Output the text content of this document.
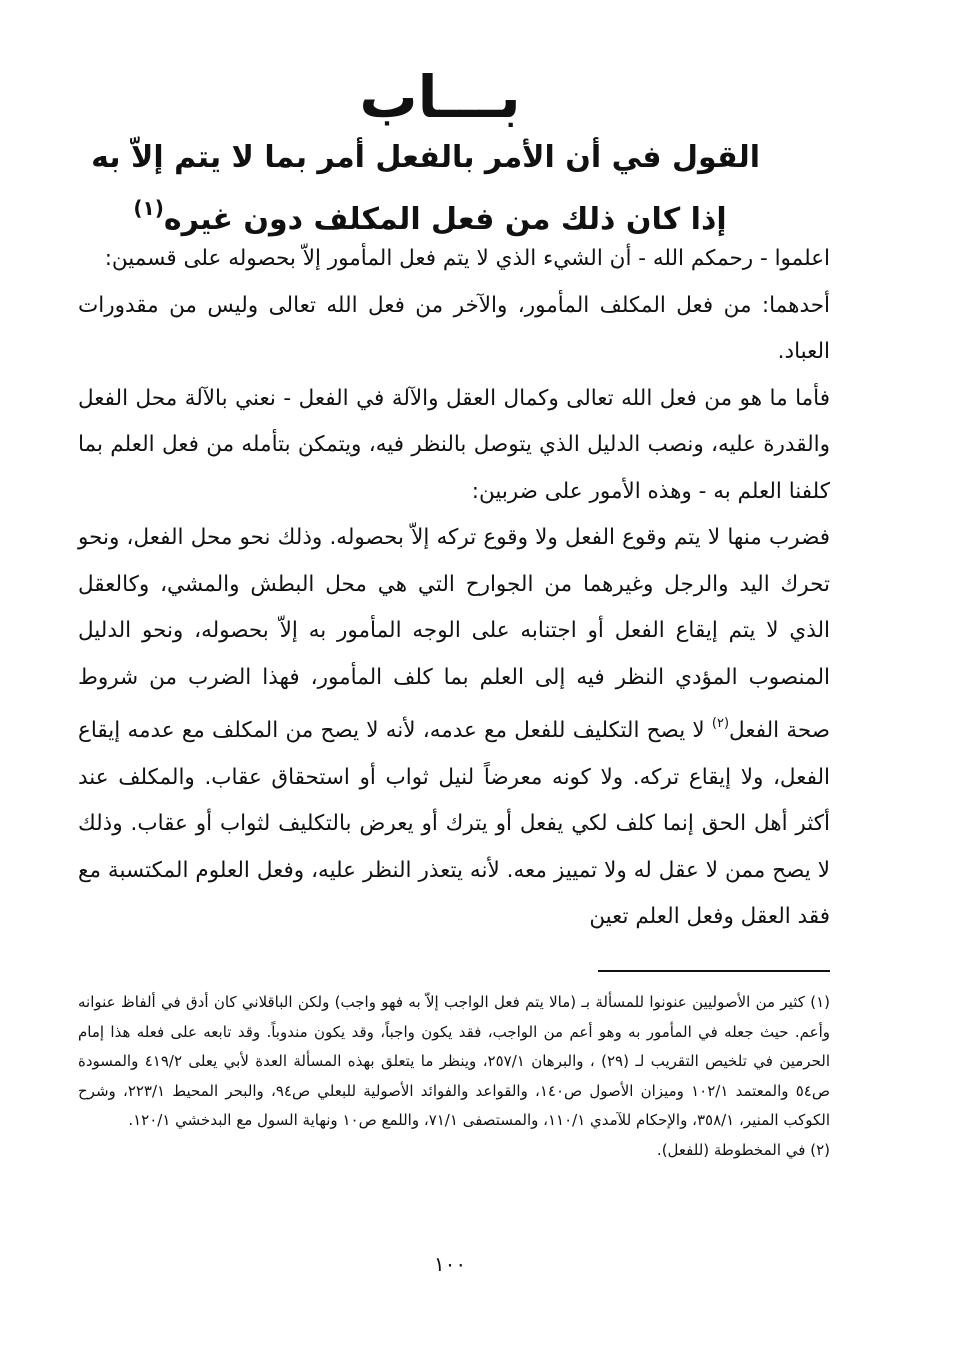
بـــاب
القول في أن الأمر بالفعل أمر بما لا يتم إلاّ به
إذا كان ذلك من فعل المكلف دون غيره$^{(١)}$

اعلموا - رحمكم الله - أن الشيء الذي لا يتم فعل المأمور إلاّ بحصوله على قسمين:

أحدهما: من فعل المكلف المأمور، والآخر من فعل الله تعالى وليس من مقدورات العباد.

فأما ما هو من فعل الله تعالى وكمال العقل والآلة في الفعل - نعني بالآلة محل الفعل والقدرة عليه، ونصب الدليل الذي يتوصل بالنظر فيه، ويتمكن بتأمله من فعل العلم بما كلفنا العلم به - وهذه الأمور على ضربين:

فضرب منها لا يتم وقوع الفعل ولا وقوع تركه إلاّ بحصوله. وذلك نحو محل الفعل، ونحو تحرك اليد والرجل وغيرهما من الجوارح التي هي محل البطش والمشي، وكالعقل الذي لا يتم إيقاع الفعل أو اجتنابه على الوجه المأمور به إلاّ بحصوله، ونحو الدليل المنصوب المؤدي النظر فيه إلى العلم بما كلف المأمور، فهذا الضرب من شروط صحة الفعل$^{(٢)}$ لا يصح التكليف للفعل مع عدمه، لأنه لا يصح من المكلف مع عدمه إيقاع الفعل، ولا إيقاع تركه. ولا كونه معرضاً لنيل ثواب أو استحقاق عقاب. والمكلف عند أكثر أهل الحق إنما كلف لكي يفعل أو يترك أو يعرض بالتكليف لثواب أو عقاب. وذلك لا يصح ممن لا عقل له ولا تمييز معه. لأنه يتعذر النظر عليه، وفعل العلوم المكتسبة مع فقد العقل وفعل العلم تعين

(١) كثير من الأصوليين عنونوا للمسألة بـ (مالا يتم فعل الواجب إلاّ به فهو واجب) ولكن الباقلاني كان أدق في ألفاظ عنوانه وأعم. حيث جعله في المأمور به وهو أعم من الواجب، فقد يكون واجباً، وقد يكون مندوباً. وقد تابعه على فعله هذا إمام الحرمين في تلخيص التقريب لـ (٢٩) ، والبرهان ٢٥٧/١، وينظر ما يتعلق بهذه المسألة العدة لأبي يعلى ٤١٩/٢ والمسودة ص٥٤ والمعتمد ١٠٢/١ وميزان الأصول ص١٤٠، والقواعد والفوائد الأصولية للبعلي ص٩٤، والبحر المحيط ٢٢٣/١، وشرح الكوكب المنير، ٣٥٨/١، والإحكام للآمدي ١١٠/١، والمستصفى ٧١/١، واللمع ص١٠ ونهاية السول مع البدخشي ١٢٠/١.

(٢) في المخطوطة (للفعل).

١٠٠
